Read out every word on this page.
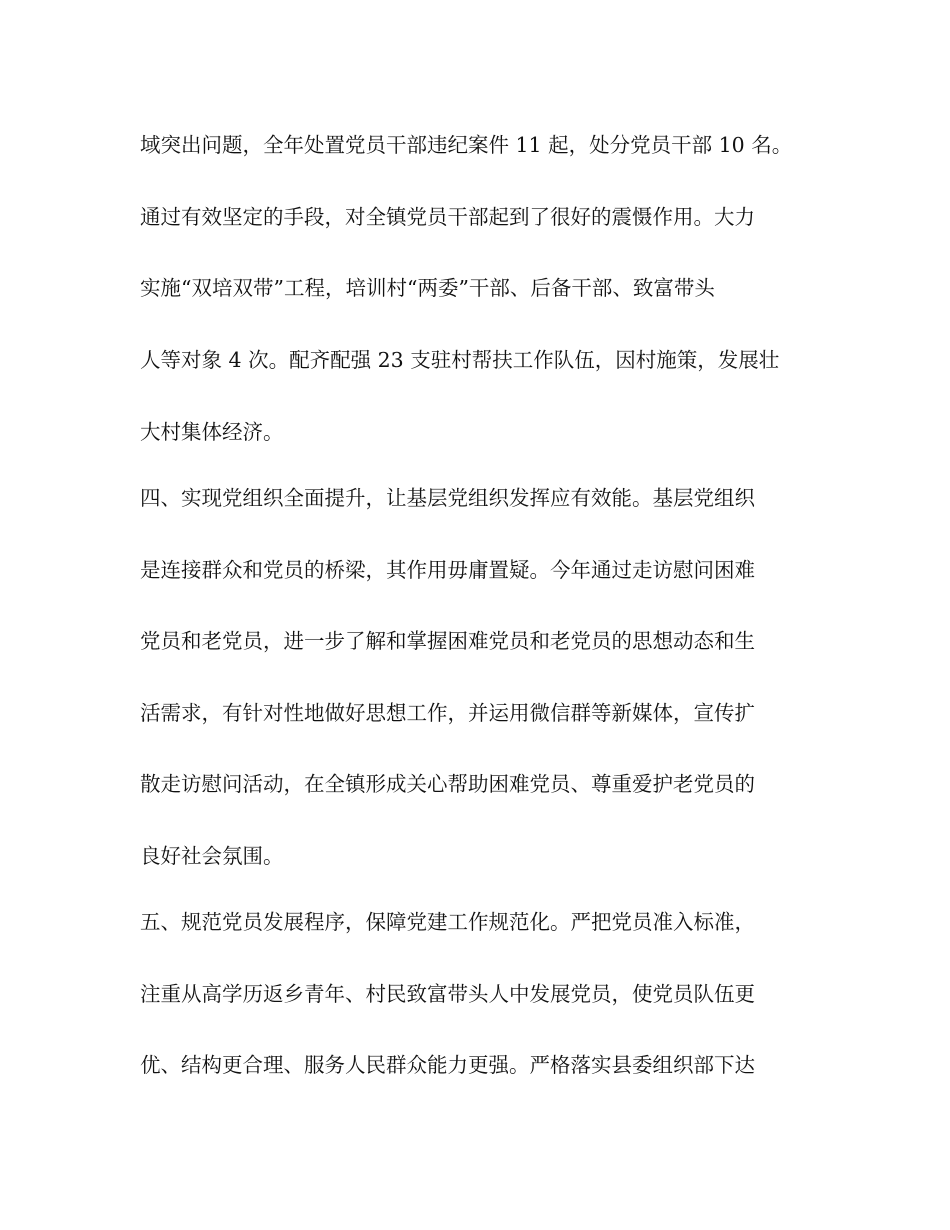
域突出问题，全年处置党员干部违纪案件 11 起，处分党员干部 10 名。
通过有效坚定的手段，对全镇党员干部起到了很好的震慑作用。大力
实施“双培双带”工程，培训村“两委”干部、后备干部、致富带头
人等对象 4 次。配齐配强 23 支驻村帮扶工作队伍，因村施策，发展壮
大村集体经济。
四、实现党组织全面提升，让基层党组织发挥应有效能。基层党组织
是连接群众和党员的桥梁，其作用毋庸置疑。今年通过走访慰问困难
党员和老党员，进一步了解和掌握困难党员和老党员的思想动态和生
活需求，有针对性地做好思想工作，并运用微信群等新媒体，宣传扩
散走访慰问活动，在全镇形成关心帮助困难党员、尊重爱护老党员的
良好社会氛围。
五、规范党员发展程序，保障党建工作规范化。严把党员准入标准，
注重从高学历返乡青年、村民致富带头人中发展党员，使党员队伍更
优、结构更合理、服务人民群众能力更强。严格落实县委组织部下达
